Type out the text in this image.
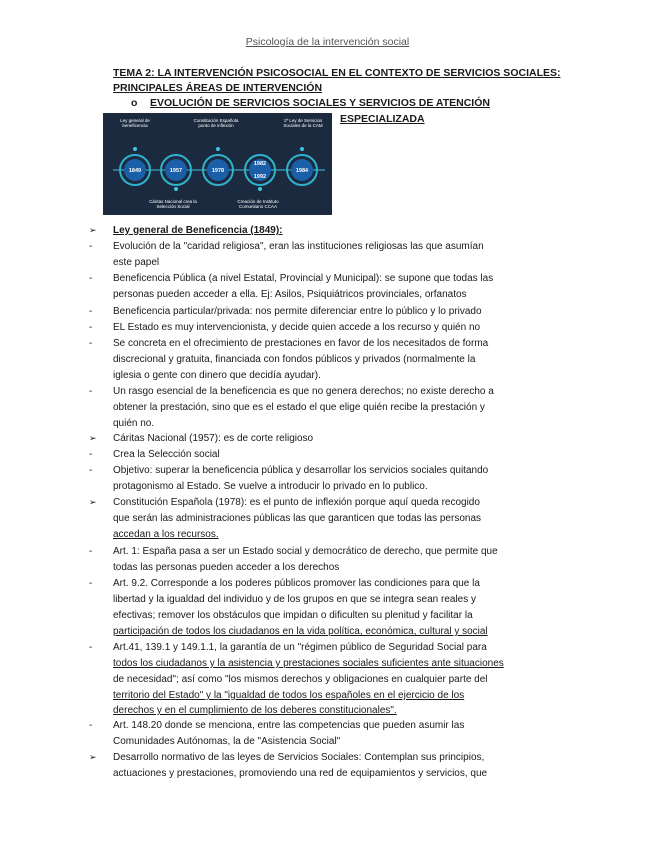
Psicología de la intervención social
TEMA 2: LA INTERVENCIÓN PSICOSOCIAL EN EL CONTEXTO DE SERVICIOS SOCIALES:
PRINCIPALES ÁREAS DE INTERVENCIÓN
o EVOLUCIÓN DE SERVICIOS SOCIALES Y SERVICIOS DE ATENCIÓN
ESPECIALIZADA
Ley general de
beneficencia
Constitución Española
punto de inflexión
1ª Ley de Servicios
Sociales de la CAM
Cáritas Nacional crea la
Selección Social
Creación de Instituto
Comunitario CCAA
1849	1957	1978
1982
1992
1984
➢
-
-
-
-
-
-
➢
-
-
➢
-
-
-
-
➢
Ley general de Beneficencia (1849):
Evolución de la "caridad religiosa", eran las instituciones religiosas las que asumían
este papel
Beneficencia Pública (a nivel Estatal, Provincial y Municipal): se supone que todas las
personas pueden acceder a ella. Ej: Asilos, Psiquiátricos provinciales, orfanatos
Beneficencia particular/privada: nos permite diferenciar entre lo público y lo privado
EL Estado es muy intervencionista, y decide quien accede a los recurso y quién no
Se concreta en el ofrecimiento de prestaciones en favor de los necesitados de forma
discrecional y gratuita, financiada con fondos públicos y privados (normalmente la
iglesia o gente con dinero que decidía ayudar).
Un rasgo esencial de la beneficencia es que no genera derechos; no existe derecho a
obtener la prestación, sino que es el estado el que elige quién recibe la prestación y
quién no.
Cáritas Nacional (1957): es de corte religioso
Crea la Selección social
Objetivo: superar la beneficencia pública y desarrollar los servicios sociales quitando
protagonismo al Estado. Se vuelve a introducir lo privado en lo publico.
Constitución Española (1978): es el punto de inflexión porque aquí queda recogido
que serán las administraciones públicas las que garanticen que todas las personas
accedan a los recursos.
Art. 1: España pasa a ser un Estado social y democrático de derecho, que permite que
todas las personas pueden acceder a los derechos
Art. 9.2. Corresponde a los poderes públicos promover las condiciones para que la
libertad y la igualdad del individuo y de los grupos en que se integra sean reales y
efectivas; remover los obstáculos que impidan o dificulten su plenitud y facilitar la
participación de todos los ciudadanos en la vida política, económica, cultural y social
Art.41, 139.1 y 149.1.1, la garantía de un "régimen público de Seguridad Social para
todos los ciudadanos y la asistencia y prestaciones sociales suficientes ante situaciones
de necesidad"; así como "los mismos derechos y obligaciones en cualquier parte del
territorio del Estado" y la "igualdad de todos los españoles en el ejercicio de los
derechos y en el cumplimiento de los deberes constitucionales".
Art. 148.20 donde se menciona, entre las competencias que pueden asumir las
Comunidades Autónomas, la de "Asistencia Social"
Desarrollo normativo de las leyes de Servicios Sociales: Contemplan sus principios,
actuaciones y prestaciones, promoviendo una red de equipamientos y servicios, que
